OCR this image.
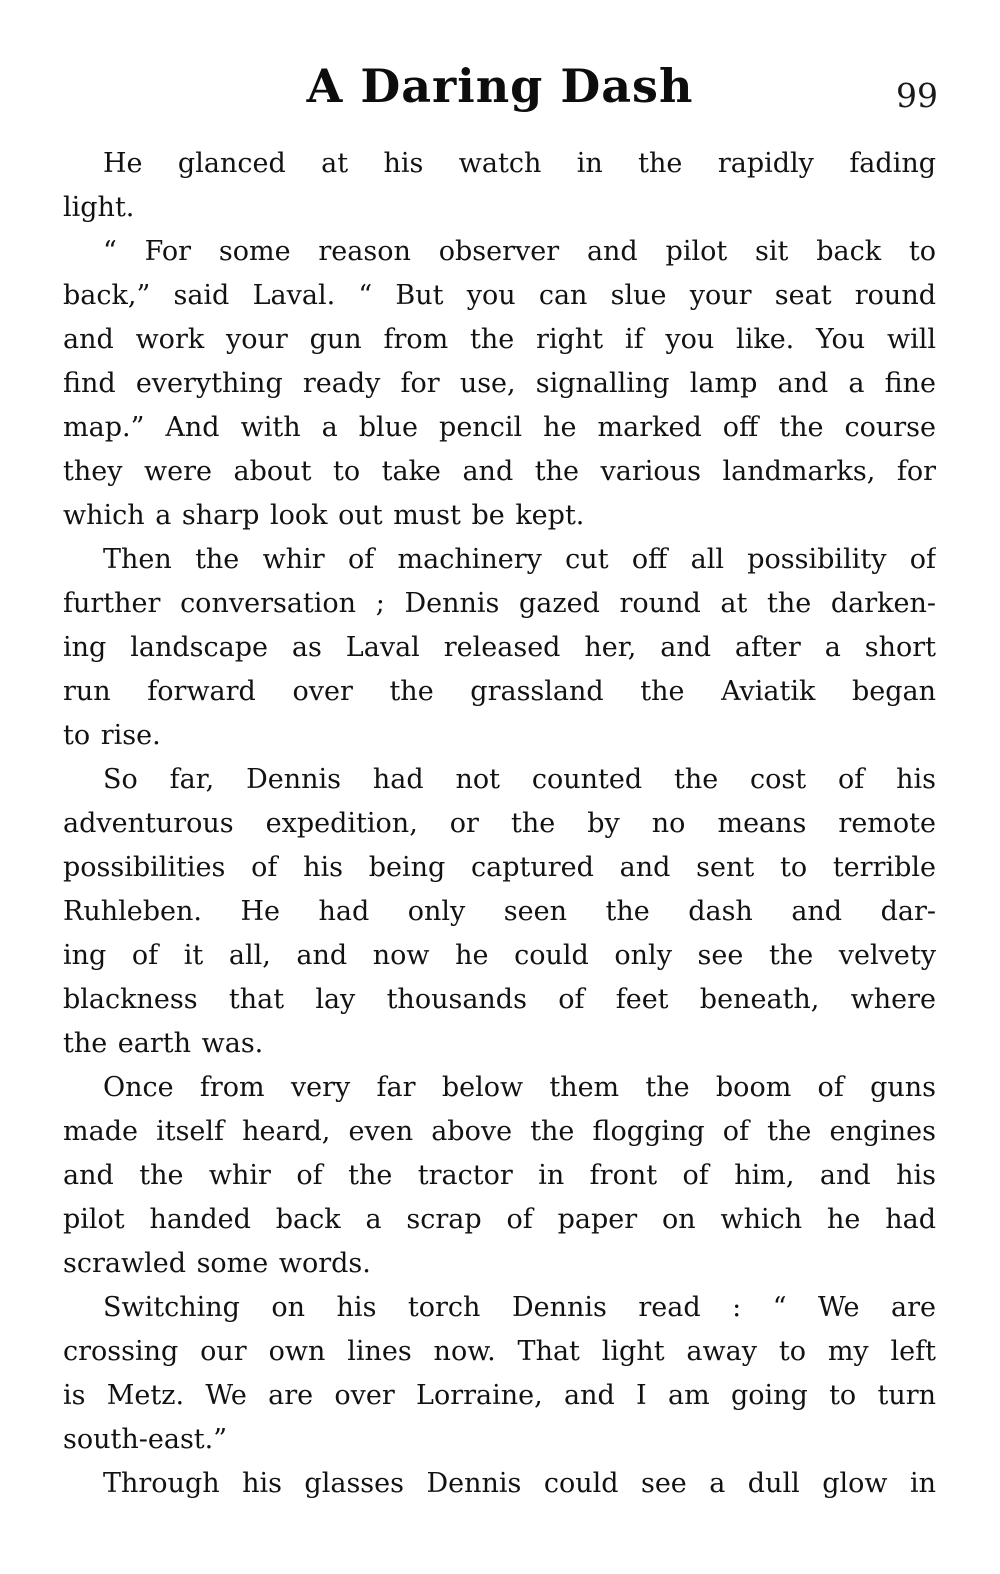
A Daring Dash	99
He glanced at his watch in the rapidly fading
light.
“ For some reason observer and pilot sit back to
back,” said Laval. “ But you can slue your seat round
and work your gun from the right if you like. You will
find everything ready for use, signalling lamp and a fine
map.” And with a blue pencil he marked off the course
they were about to take and the various landmarks, for
which a sharp look out must be kept.
Then the whir of machinery cut off all possibility of
further conversation ; Dennis gazed round at the darken-
ing landscape as Laval released her, and after a short
run forward over the grassland the Aviatik began
to rise.
So far, Dennis had not counted the cost of his
adventurous expedition, or the by no means remote
possibilities of his being captured and sent to terrible
Ruhleben. He had only seen the dash and dar-
ing of it all, and now he could only see the velvety
blackness that lay thousands of feet beneath, where
the earth was.
Once from very far below them the boom of guns
made itself heard, even above the flogging of the engines
and the whir of the tractor in front of him, and his
pilot handed back a scrap of paper on which he had
scrawled some words.
Switching on his torch Dennis read : “ We are
crossing our own lines now. That light away to my left
is Metz. We are over Lorraine, and I am going to turn
south-east.”
Through his glasses Dennis could see a dull glow in
